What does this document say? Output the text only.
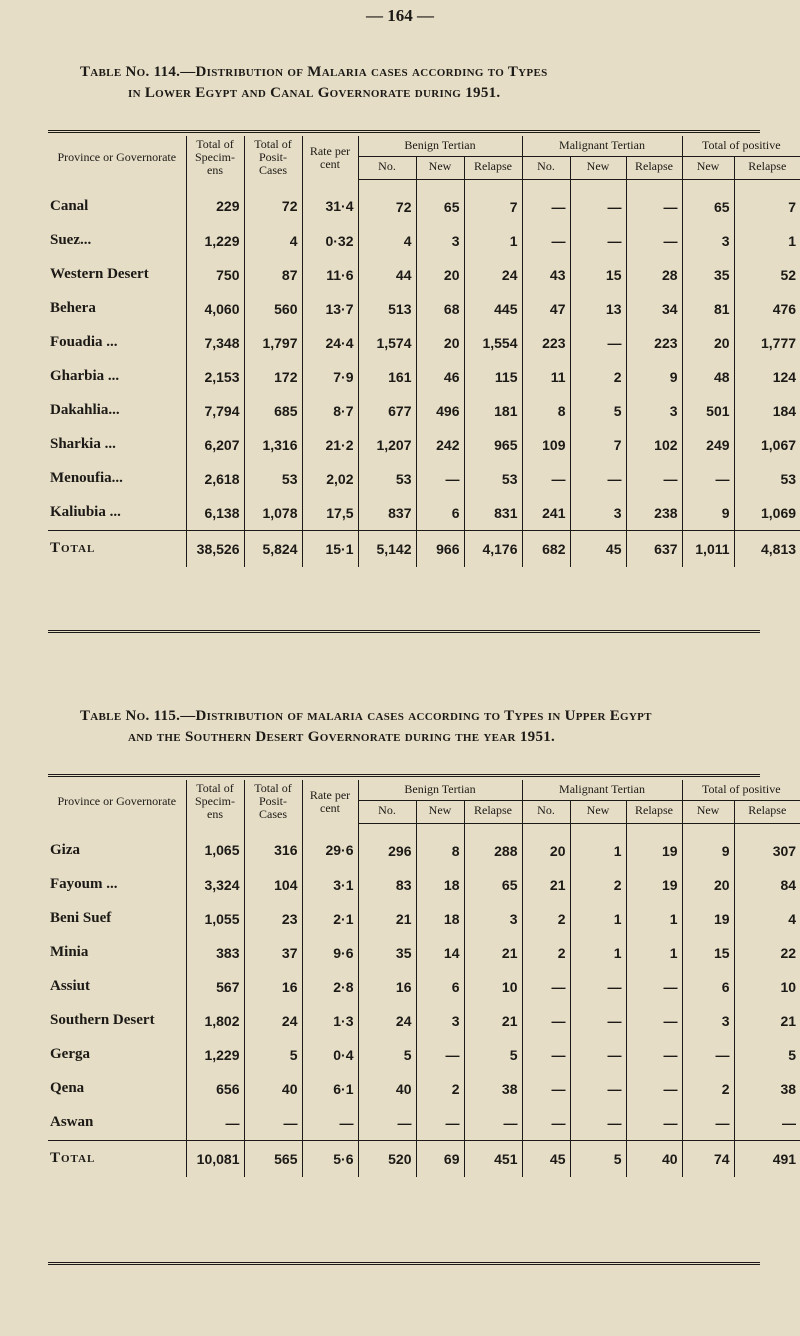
— 164 —
Table No. 114.—Distribution of Malaria cases according to Types
in Lower Egypt and Canal Governorate during 1951.
Province or Governorate	Total of Specim- ens	Total of Posit- Cases	Rate per cent	Benign Tertian			Malignant Tertian			Total of positive	
				No.	New	Relapse	No.	New	Relapse	New	Relapse
Canal	229	72	31·4	72	65	7	—	—	—	65	7
Suez...	1,229	4	0·32	4	3	1	—	—	—	3	1
Western Desert	750	87	11·6	44	20	24	43	15	28	35	52
Behera	4,060	560	13·7	513	68	445	47	13	34	81	476
Fouadia ...	7,348	1,797	24·4	1,574	20	1,554	223	—	223	20	1,777
Gharbia ...	2,153	172	7·9	161	46	115	11	2	9	48	124
Dakahlia...	7,794	685	8·7	677	496	181	8	5	3	501	184
Sharkia ...	6,207	1,316	21·2	1,207	242	965	109	7	102	249	1,067
Menoufia...	2,618	53	2,02	53	—	53	—	—	—	—	53
Kaliubia ...	6,138	1,078	17,5	837	6	831	241	3	238	9	1,069
Total	38,526	5,824	15·1	5,142	966	4,176	682	45	637	1,011	4,813
Table No. 115.—Distribution of malaria cases according to Types in Upper Egypt
and the Southern Desert Governorate during the year 1951.
Province or Governorate	Total of Specim- ens	Total of Posit- Cases	Rate per cent	Benign Tertian			Malignant Tertian			Total of positive	
				No.	New	Relapse	No.	New	Relapse	New	Relapse
Giza	1,065	316	29·6	296	8	288	20	1	19	9	307
Fayoum ...	3,324	104	3·1	83	18	65	21	2	19	20	84
Beni Suef	1,055	23	2·1	21	18	3	2	1	1	19	4
Minia	383	37	9·6	35	14	21	2	1	1	15	22
Assiut	567	16	2·8	16	6	10	—	—	—	6	10
Southern Desert	1,802	24	1·3	24	3	21	—	—	—	3	21
Gerga	1,229	5	0·4	5	—	5	—	—	—	—	5
Qena	656	40	6·1	40	2	38	—	—	—	2	38
Aswan	—	—	—	—	—	—	—	—	—	—	—
Total	10,081	565	5·6	520	69	451	45	5	40	74	491
